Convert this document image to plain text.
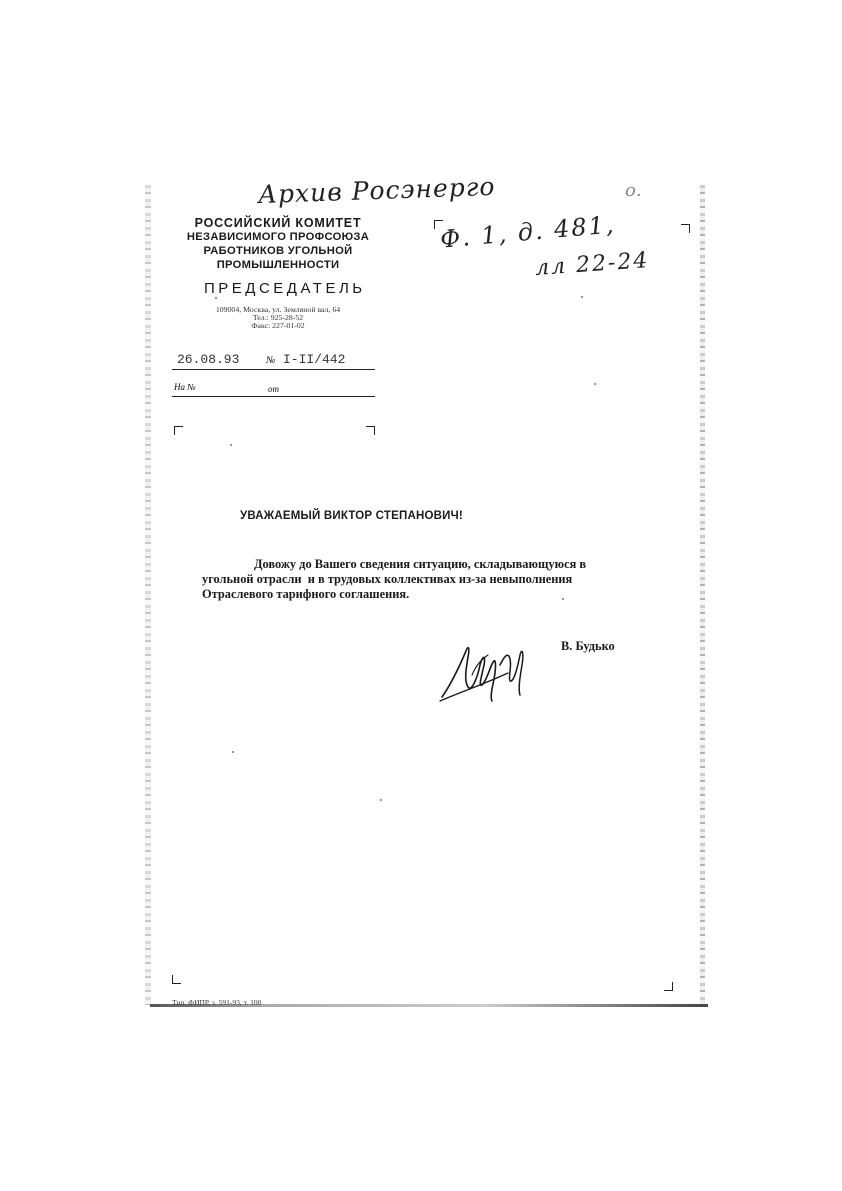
Архив Росэнерго
Ф. 1, д. 481,
лл 22-24
о.
РОССИЙСКИЙ КОМИТЕТ
НЕЗАВИСИМОГО ПРОФСОЮЗА
РАБОТНИКОВ УГОЛЬНОЙ
ПРОМЫШЛЕННОСТИ
ПРЕДСЕДАТЕЛЬ
109004, Москва, ул. Земляной вал, 64
Тел.: 925-28-52
Факс: 227-01-02
26.08.93	№ I-II/442
На №	от
УВАЖАЕМЫЙ ВИКТОР СТЕПАНОВИЧ!
Довожу до Вашего сведения ситуацию, складывающуюся в
угольной отрасли  и в трудовых коллективах из-за невыполнения
Отраслевого тарифного соглашения.
В. Будько
Тип. ФИПР, з. 591-93, т. 100
